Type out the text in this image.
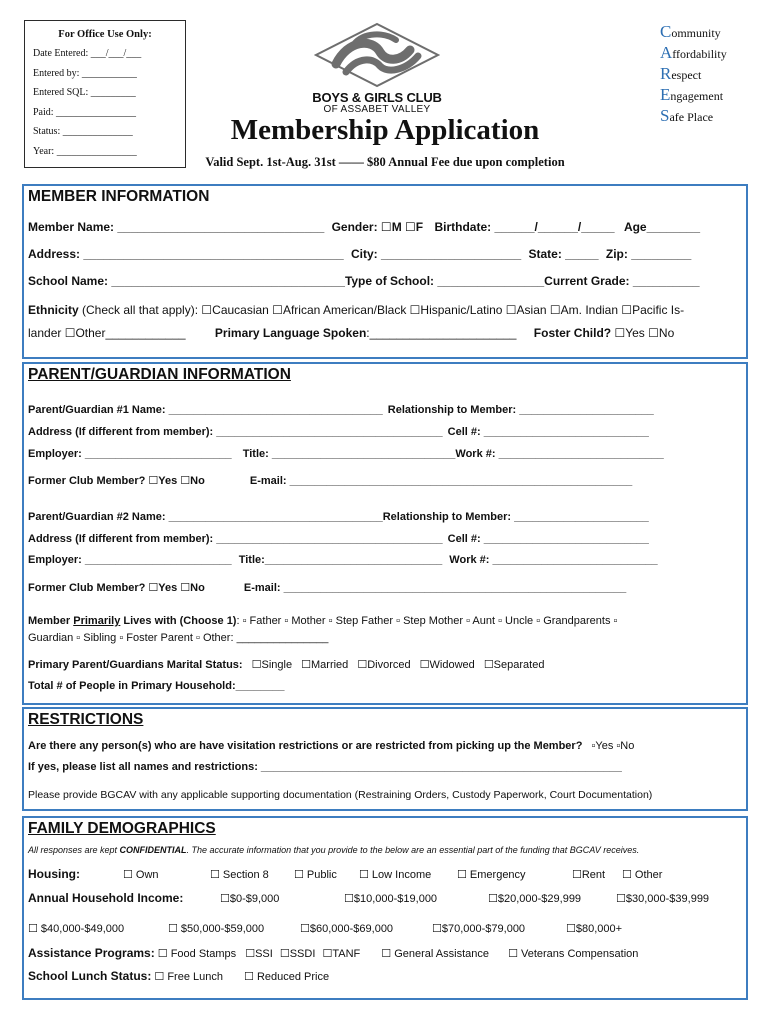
For Office Use Only:
Date Entered: ___/___/___
Entered by: ___________
Entered SQL: _________
Paid: ________________
Status: ______________
Year: ________________
BOYS & GIRLS CLUB
OF ASSABET VALLEY
Membership Application
Valid Sept. 1st-Aug. 31st —— $80 Annual Fee due upon completion
Community
Affordability
Respect
Engagement
Safe Place
MEMBER INFORMATION
Member Name: _______________________________ Gender: ☐M ☐F Birthdate: ______/______/_____ Age________
Address: _______________________________________ City: _____________________ State: _____ Zip: _________
School Name: ___________________________________Type of School: ________________Current Grade: __________
Ethnicity (Check all that apply): ☐Caucasian ☐African American/Black ☐Hispanic/Latino ☐Asian ☐Am. Indian ☐Pacific Is-
lander ☐Other____________ Primary Language Spoken:______________________ Foster Child? ☐Yes ☐No
PARENT/GUARDIAN INFORMATION
Parent/Guardian #1 Name: ___________________________________ Relationship to Member: ______________________
Address (If different from member): _____________________________________ Cell #: ___________________________
Employer: ________________________ Title: ______________________________Work #: ___________________________
Former Club Member? ☐Yes ☐No	E-mail: ________________________________________________________
Parent/Guardian #2 Name: ___________________________________Relationship to Member: ______________________
Address (If different from member): _____________________________________ Cell #: ___________________________
Employer: ________________________ Title:_____________________________ Work #: ___________________________
Former Club Member? ☐Yes ☐No	E-mail: ________________________________________________________
Member Primarily Lives with (Choose 1): ▫ Father ▫ Mother ▫ Step Father ▫ Step Mother ▫ Aunt ▫ Uncle ▫ Grandparents ▫
Guardian ▫ Sibling ▫ Foster Parent ▫ Other: _______________
Primary Parent/Guardians Marital Status: ☐Single ☐Married ☐Divorced ☐Widowed ☐Separated
Total # of People in Primary Household:________
RESTRICTIONS
Are there any person(s) who are have visitation restrictions or are restricted from picking up the Member? ▫Yes ▫No
If yes, please list all names and restrictions: ___________________________________________________________
Please provide BGCAV with any applicable supporting documentation (Restraining Orders, Custody Paperwork, Court Documentation)
FAMILY DEMOGRAPHICS
All responses are kept CONFIDENTIAL. The accurate information that you provide to the below are an essential part of the funding that BGCAV receives.
Housing:	☐ Own	☐ Section 8 ☐ Public ☐ Low Income ☐ Emergency	☐Rent ☐ Other
Annual Household Income:	☐$0-$9,000	☐$10,000-$19,000	☐$20,000-$29,999	☐$30,000-$39,999
☐ $40,000-$49,000	☐ $50,000-$59,000	☐$60,000-$69,000	☐$70,000-$79,000	☐$80,000+
Assistance Programs: ☐ Food Stamps ☐SSI ☐SSDI ☐TANF ☐ General Assistance ☐ Veterans Compensation
School Lunch Status: ☐ Free Lunch ☐ Reduced Price
